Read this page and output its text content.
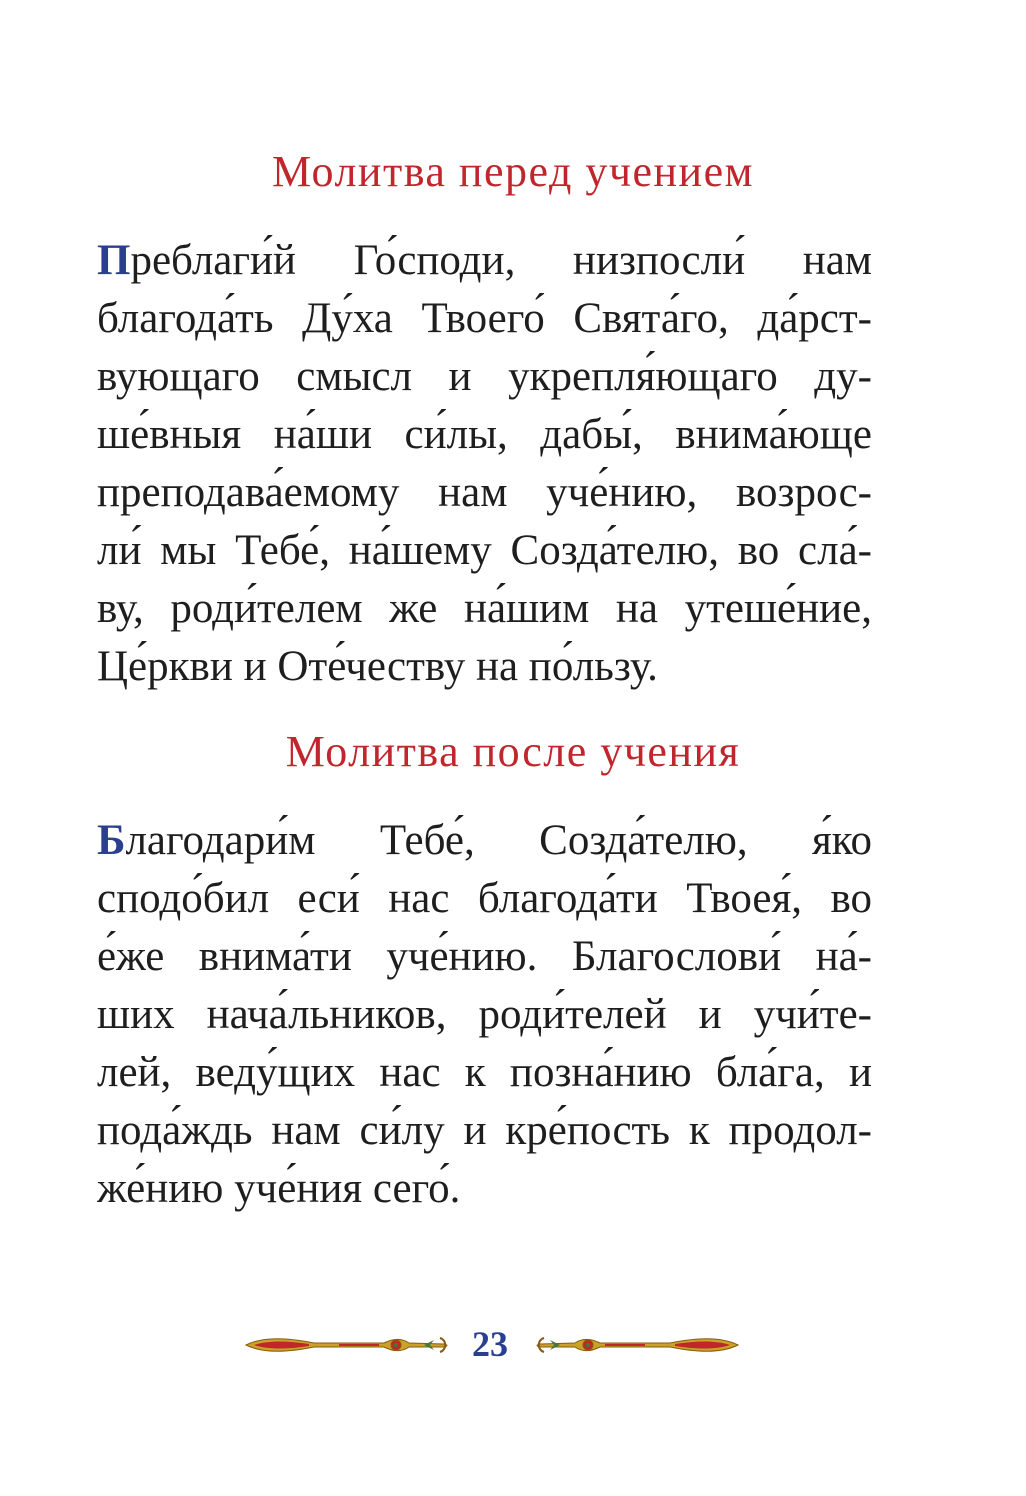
Молитва перед учением
Преблаги́й Го́споди, низпосли́ нам
благода́ть Ду́ха Твоего́ Свята́го, да́рст-
вующаго смысл и укрепля́ющаго ду-
ше́вныя на́ши си́лы, дабы́, внима́юще
преподава́емому нам уче́нию, возрос-
ли́ мы Тебе́, на́шему Созда́телю, во сла́-
ву, роди́телем же на́шим на утеше́ние,
Це́ркви и Оте́честву на по́льзу.
Молитва после учения
Благодари́м Тебе́, Созда́телю, я́ко
сподо́бил еси́ нас благода́ти Твоея́, во
е́же внима́ти уче́нию. Благослови́ на́-
ших нача́льников, роди́телей и учи́те-
лей, веду́щих нас к позна́нию бла́га, и
пода́ждь нам си́лу и кре́пость к продол-
же́нию уче́ния сего́.
23
